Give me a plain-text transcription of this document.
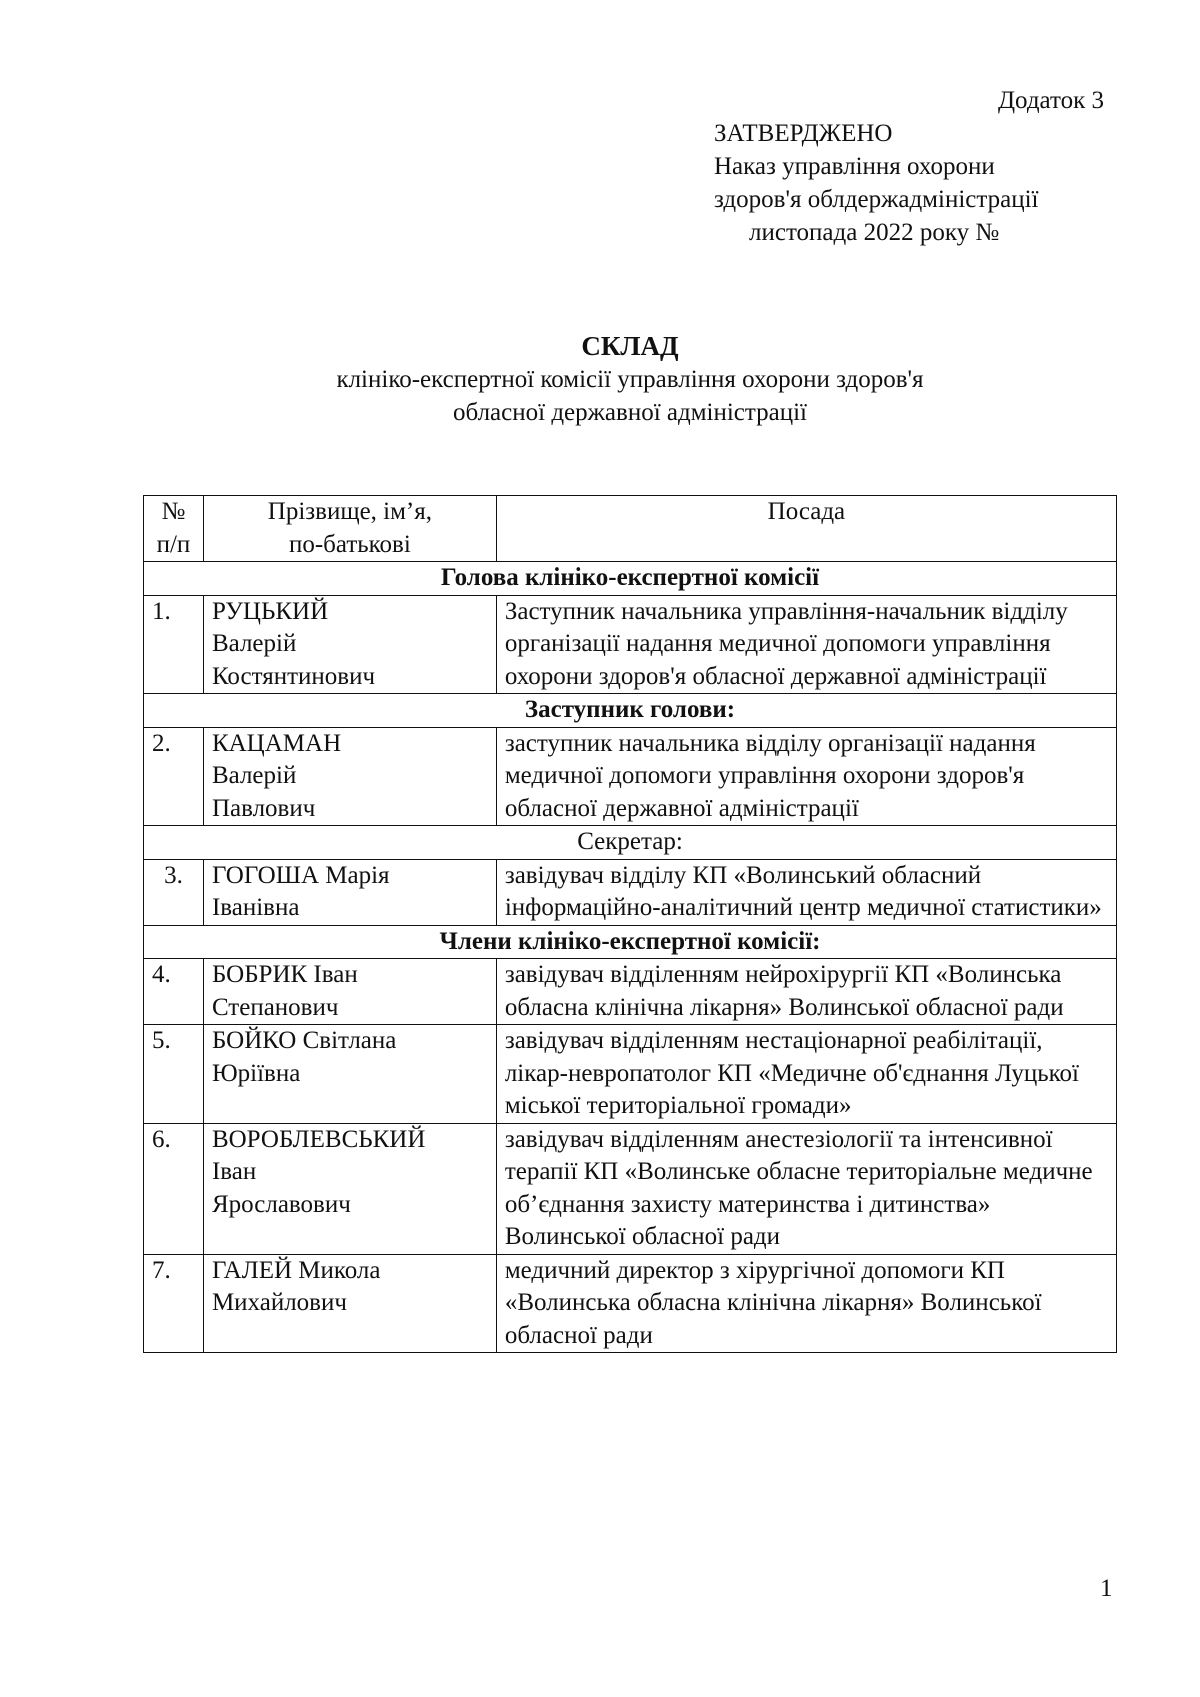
Додаток 3
ЗАТВЕРДЖЕНО
Наказ управління охорони
здоров'я облдержадміністрації
листопада 2022 року №
СКЛАД
клініко-експертної комісії управління охорони здоров'я
обласної державної адміністрації
№
п/п

Прізвище, ім’я,
по-батькові
	Посада
Голова клініко-експертної комісії		
1.	РУЦЬКИЙ
Валерій
Костянтинович	Заступник начальника управління-начальник відділу організації надання медичної допомоги управління охорони здоров'я обласної державної адміністрації
Заступник голови:		
2.	КАЦАМАН
Валерій
Павлович	заступник начальника відділу організації надання медичної допомоги управління охорони здоров'я обласної державної адміністрації
Секретар:		
3.	ГОГОША Марія
Іванівна	завідувач відділу КП «Волинський обласний інформаційно-аналітичний центр медичної статистики»
Члени клініко-експертної комісії:		
4.	БОБРИК Іван
Степанович	завідувач відділенням нейрохірургії КП «Волинська обласна клінічна лікарня» Волинської обласної ради
5.	БОЙКО Світлана
Юріївна	завідувач відділенням нестаціонарної реабілітації, лікар-невропатолог КП «Медичне об'єднання Луцької міської територіальної громади»
6.	ВОРОБЛЕВСЬКИЙ
Іван
Ярославович	завідувач відділенням анестезіології та інтенсивної терапії КП «Волинське обласне територіальне медичне об’єднання захисту материнства і дитинства» Волинської обласної ради
7.	ГАЛЕЙ Микола
Михайлович	медичний директор з хірургічної допомоги КП «Волинська обласна клінічна лікарня» Волинської обласної ради
1
